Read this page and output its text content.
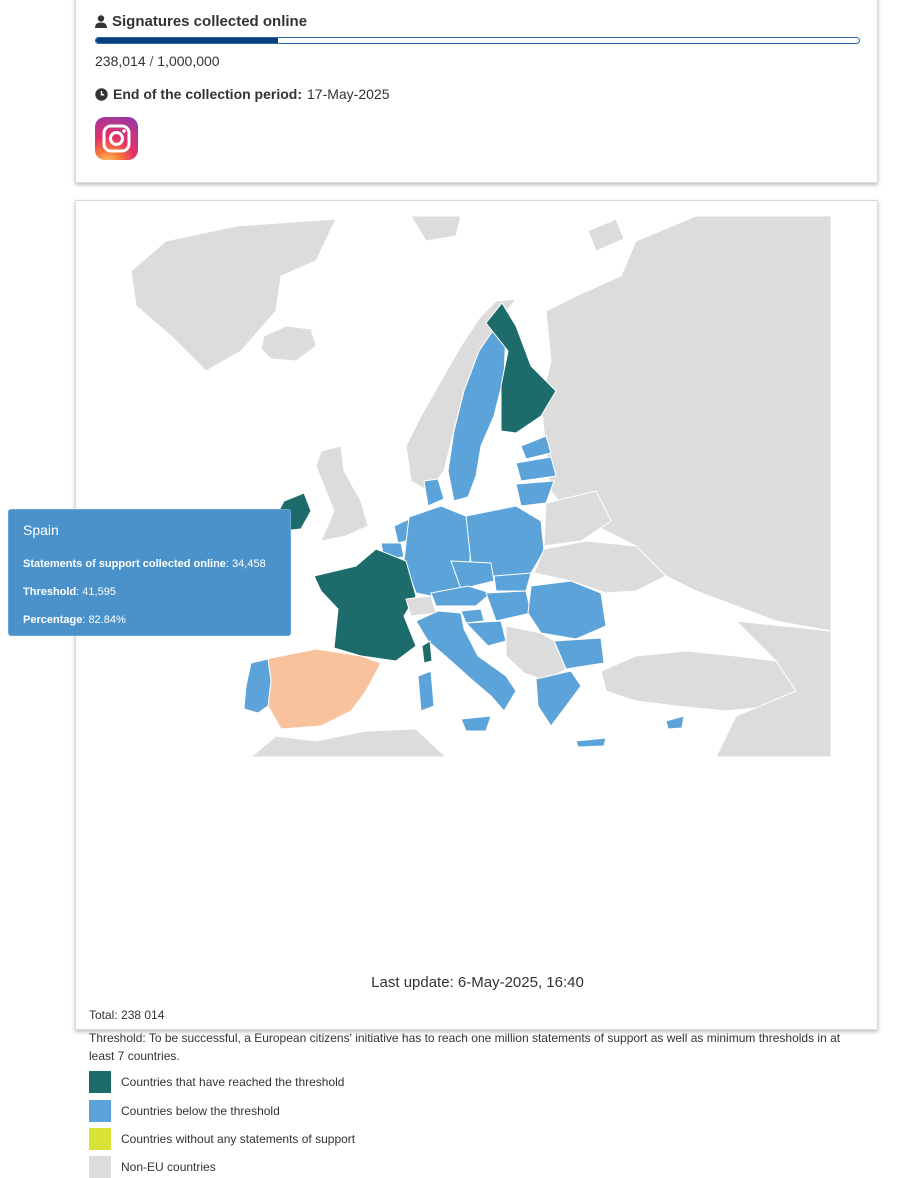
Signatures collected online
238,014 / 1,000,000
End of the collection period: 17-May-2025
Last update: 6-May-2025, 16:40
Total: 238 014
Threshold: To be successful, a European citizens' initiative has to reach one million statements of support as well as minimum thresholds in at least 7 countries.
Countries that have reached the threshold
Countries below the threshold
Countries without any statements of support
Non-EU countries
Spain
Statements of support collected online: 34,458
Threshold: 41,595
Percentage: 82.84%
